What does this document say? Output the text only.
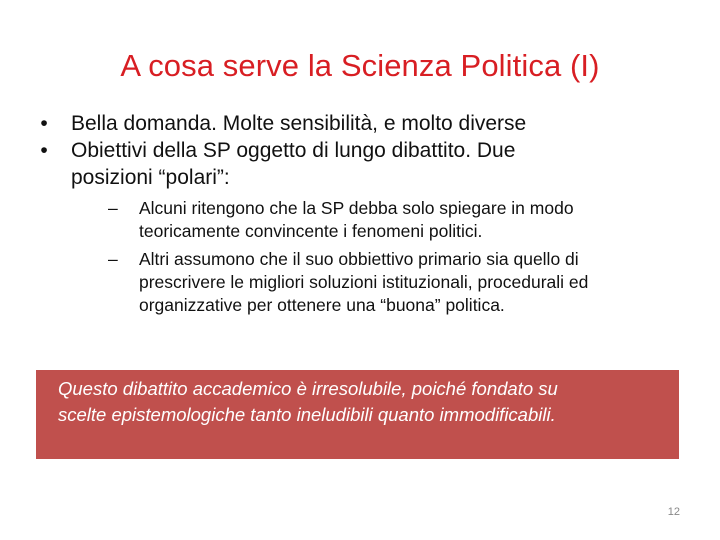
A cosa serve la Scienza Politica (I)
•	Bella domanda. Molte sensibilità, e molto diverse
•	Obiettivi della SP oggetto di lungo dibattito. Due
posizioni “polari”:
–	Alcuni ritengono che la SP debba solo spiegare in modo
teoricamente convincente i fenomeni politici.
–	Altri assumono che il suo obbiettivo primario sia quello di
prescrivere le migliori soluzioni istituzionali, procedurali ed
organizzative per ottenere una “buona” politica.
Questo dibattito accademico è irresolubile, poiché fondato su
scelte epistemologiche tanto ineludibili quanto immodificabili.
12
